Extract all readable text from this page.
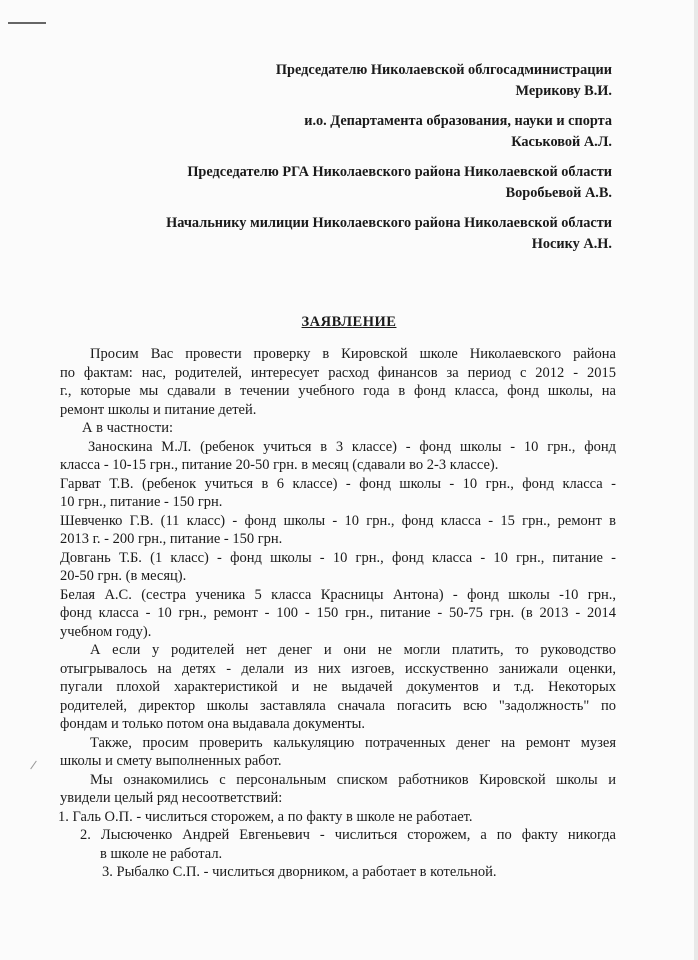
Председателю Николаевской облгосадминистрации
Мерикову В.И.
и.о. Департамента образования, науки и спорта
Каськовой А.Л.
Председателю РГА Николаевского района Николаевской области
Воробьевой А.В.
Начальнику милиции Николаевского района Николаевской области
Носику А.Н.
ЗАЯВЛЕНИЕ
Просим Вас провести проверку в Кировской школе Николаевского района
по фактам: нас, родителей, интересует расход финансов за период с 2012 - 2015
г., которые мы сдавали в течении учебного года в фонд класса, фонд школы, на
ремонт школы и питание детей.
А в частности:
Заноскина М.Л. (ребенок учиться в 3 классе) - фонд школы - 10 грн., фонд
класса - 10-15 грн., питание 20-50 грн. в месяц (сдавали во 2-3 классе).
Гарват Т.В. (ребенок учиться в 6 классе) - фонд школы - 10 грн., фонд класса -
10 грн., питание - 150 грн.
Шевченко Г.В. (11 класс) - фонд школы - 10 грн., фонд класса - 15 грн., ремонт в
2013 г. - 200 грн., питание - 150 грн.
Довгань Т.Б. (1 класс) - фонд школы - 10 грн., фонд класса - 10 грн., питание -
20-50 грн. (в месяц).
Белая А.С. (сестра ученика 5 класса Красницы Антона) - фонд школы -10 грн.,
фонд класса - 10 грн., ремонт - 100 - 150 грн., питание - 50-75 грн. (в 2013 - 2014
учебном году).
А если у родителей нет денег и они не могли платить, то руководство
отыгрывалось на детях - делали из них изгоев, исскуственно занижали оценки,
пугали плохой характеристикой и не выдачей документов и т.д. Некоторых
родителей, директор школы заставляла сначала погасить всю "задолжность" по
фондам и только потом она выдавала документы.
Также, просим проверить калькуляцию потраченных денег на ремонт музея
школы и смету выполненных работ.
Мы ознакомились с персональным списком работников Кировской школы и
увидели целый ряд несоответствий:
1. Галь О.П. - числиться сторожем, а по факту в школе не работает.
2. Лысюченко Андрей Евгеньевич - числиться сторожем, а по факту никогда
в школе не работал.
3. Рыбалко С.П. - числиться дворником, а работает в котельной.
